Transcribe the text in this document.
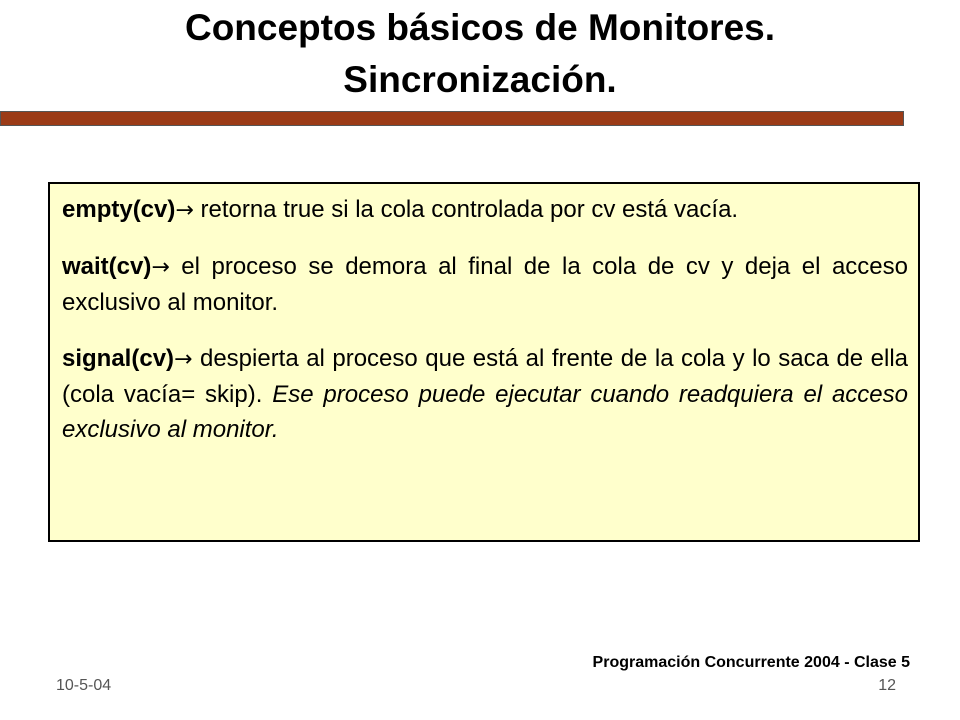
Conceptos básicos de Monitores.
Sincronización.

empty(cv)→ retorna true si la cola controlada por cv está vacía.

wait(cv)→ el proceso se demora al final de la cola de cv y deja el acceso exclusivo al monitor.

signal(cv)→ despierta al proceso que está al frente de la cola y lo saca de ella (cola vacía= skip). Ese proceso puede ejecutar cuando readquiera el acceso exclusivo al monitor.

Programación Concurrente 2004 - Clase 5
10-5-04	12
